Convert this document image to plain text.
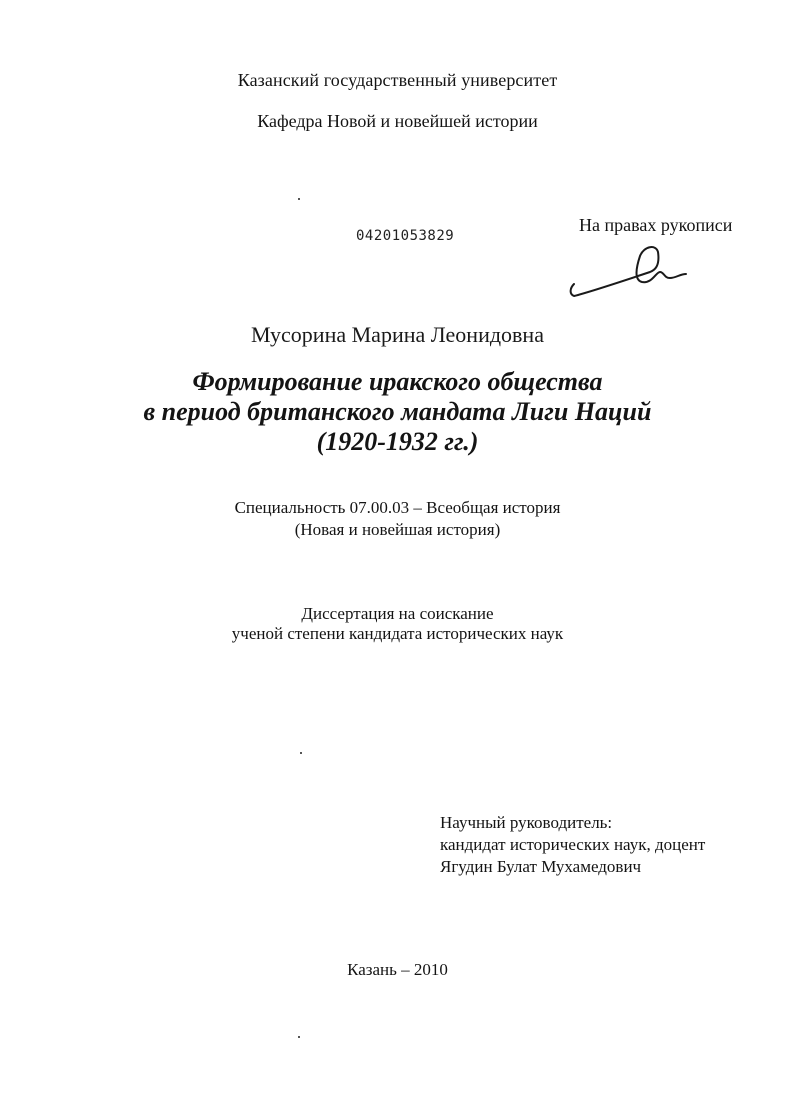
Казанский государственный университет
Кафедра Новой и новейшей истории
04201053829
На правах рукописи
Мусорина Марина Леонидовна
Формирование иракского общества
в период британского мандата Лиги Наций
(1920-1932 гг.)
Специальность 07.00.03 – Всеобщая история
(Новая и новейшая история)
Диссертация на соискание
ученой степени кандидата исторических наук
Научный руководитель:
кандидат исторических наук, доцент
Ягудин Булат Мухамедович
Казань – 2010
